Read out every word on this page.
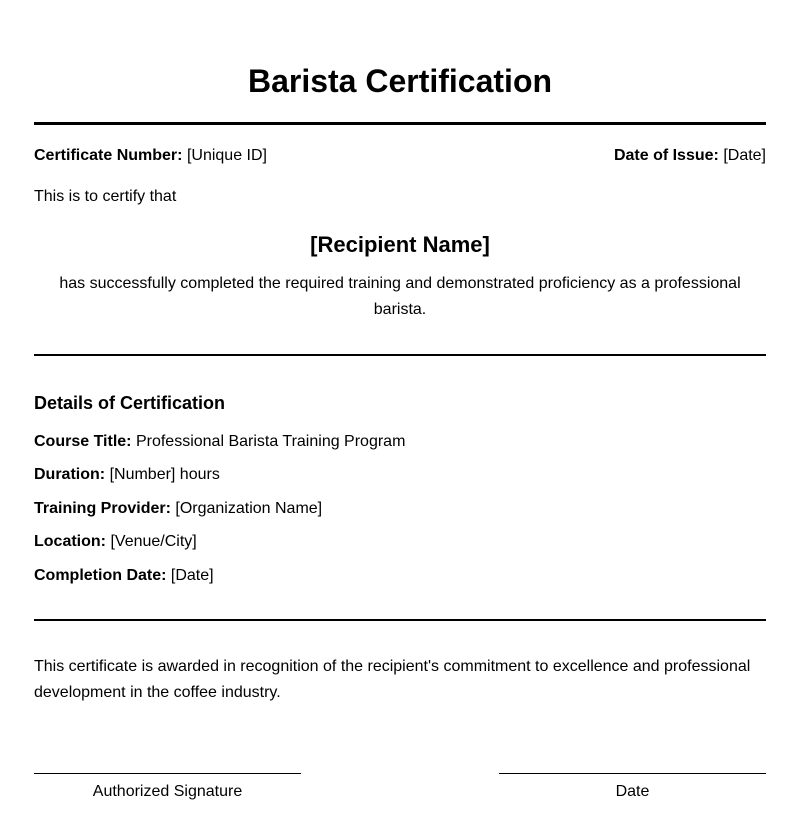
Barista Certification
Certificate Number: [Unique ID]	Date of Issue: [Date]
This is to certify that
[Recipient Name]
has successfully completed the required training and demonstrated proficiency as a professional barista.
Details of Certification
Course Title: Professional Barista Training Program
Duration: [Number] hours
Training Provider: [Organization Name]
Location: [Venue/City]
Completion Date: [Date]
This certificate is awarded in recognition of the recipient's commitment to excellence and professional development in the coffee industry.
Authorized Signature	Date
